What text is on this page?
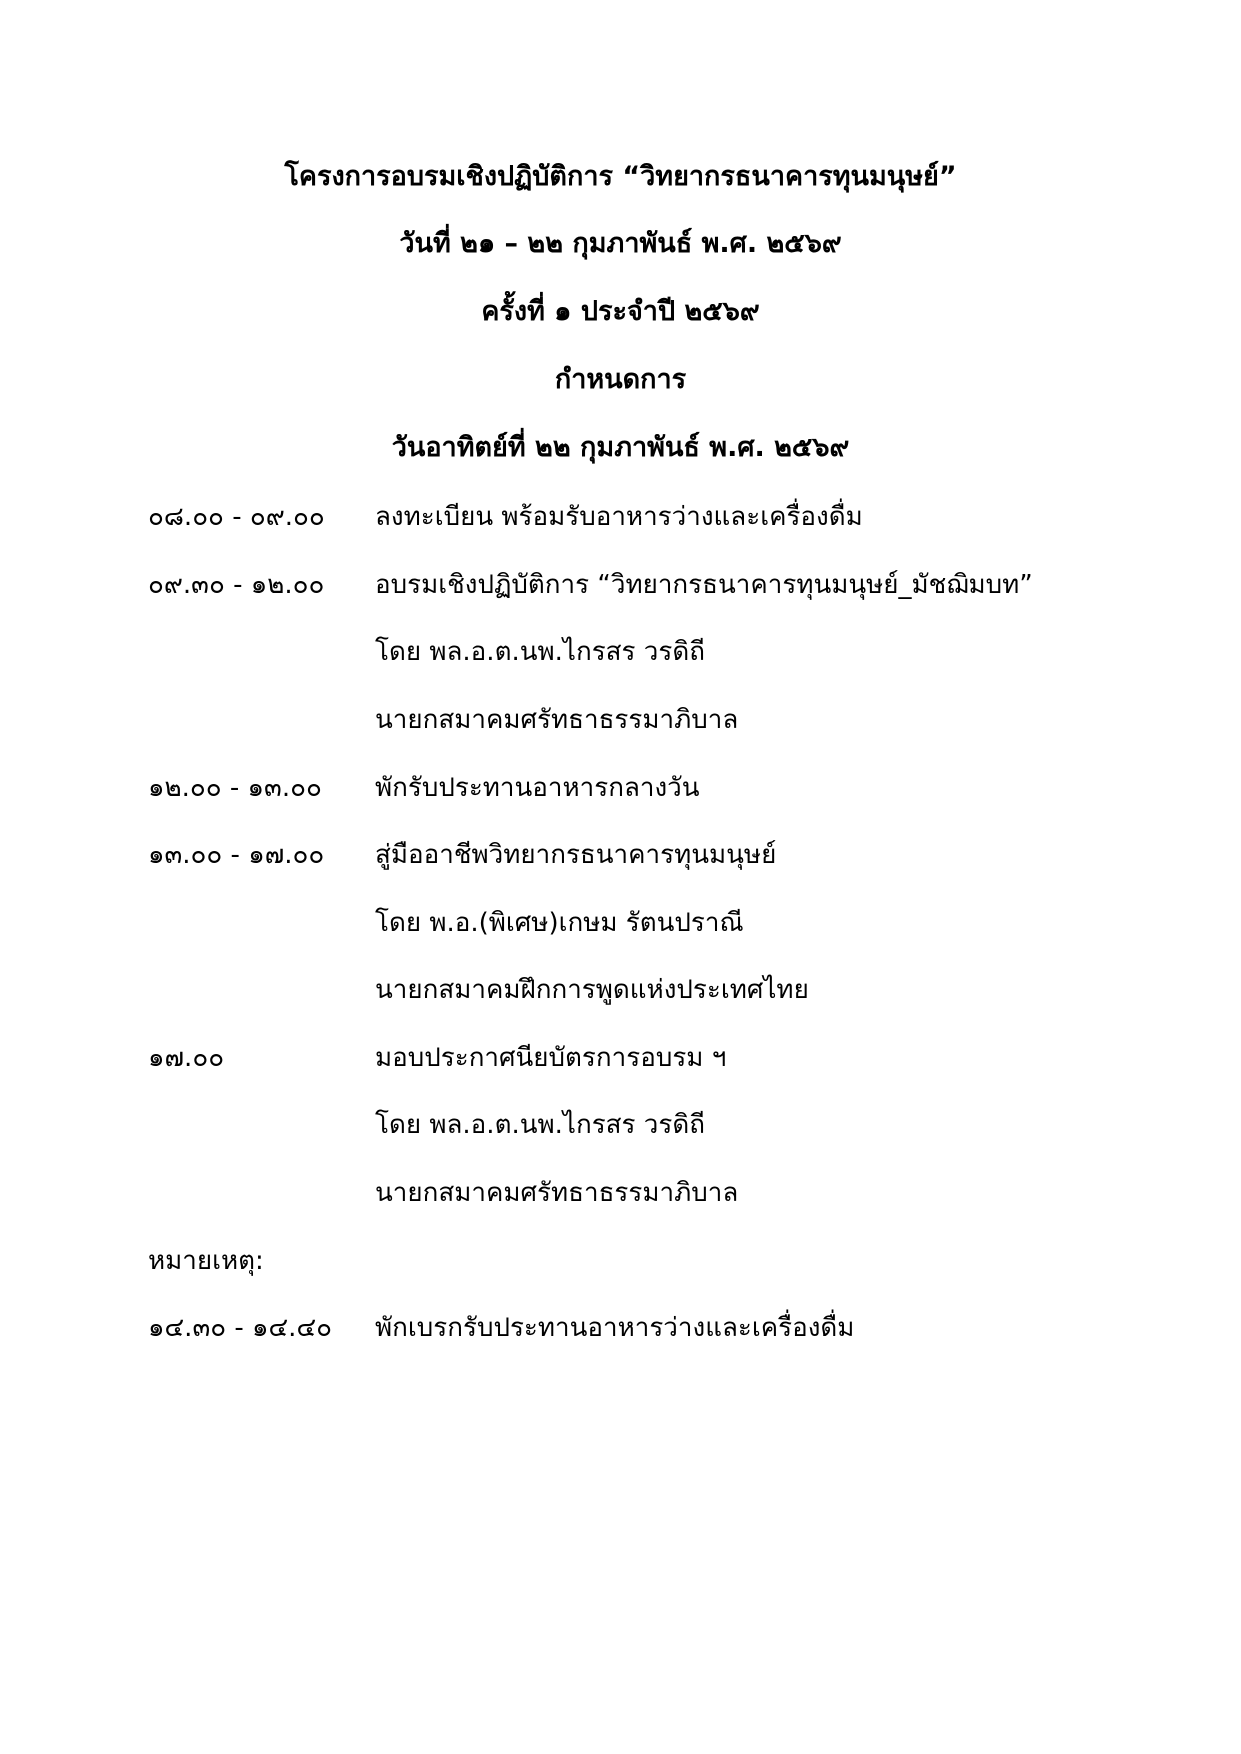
โครงการอบรมเชิงปฏิบัติการ “วิทยากรธนาคารทุนมนุษย์”
วันที่ ๒๑ – ๒๒ กุมภาพันธ์ พ.ศ. ๒๕๖๙
ครั้งที่ ๑ ประจำปี ๒๕๖๙
กำหนดการ
วันอาทิตย์ที่ ๒๒ กุมภาพันธ์ พ.ศ. ๒๕๖๙
๐๘.๐๐ - ๐๙.๐๐ ลงทะเบียน พร้อมรับอาหารว่างและเครื่องดื่ม
๐๙.๓๐ - ๑๒.๐๐ อบรมเชิงปฏิบัติการ “วิทยากรธนาคารทุนมนุษย์_มัชฌิมบท”
โดย พล.อ.ต.นพ.ไกรสร วรดิถี
นายกสมาคมศรัทธาธรรมาภิบาล
๑๒.๐๐ - ๑๓.๐๐ พักรับประทานอาหารกลางวัน
๑๓.๐๐ - ๑๗.๐๐ สู่มืออาชีพวิทยากรธนาคารทุนมนุษย์
โดย พ.อ.(พิเศษ)เกษม รัตนปราณี
นายกสมาคมฝึกการพูดแห่งประเทศไทย
๑๗.๐๐	มอบประกาศนียบัตรการอบรม ฯ
โดย พล.อ.ต.นพ.ไกรสร วรดิถี
นายกสมาคมศรัทธาธรรมาภิบาล
หมายเหตุ:
๑๔.๓๐ - ๑๔.๔๐ พักเบรกรับประทานอาหารว่างและเครื่องดื่ม
